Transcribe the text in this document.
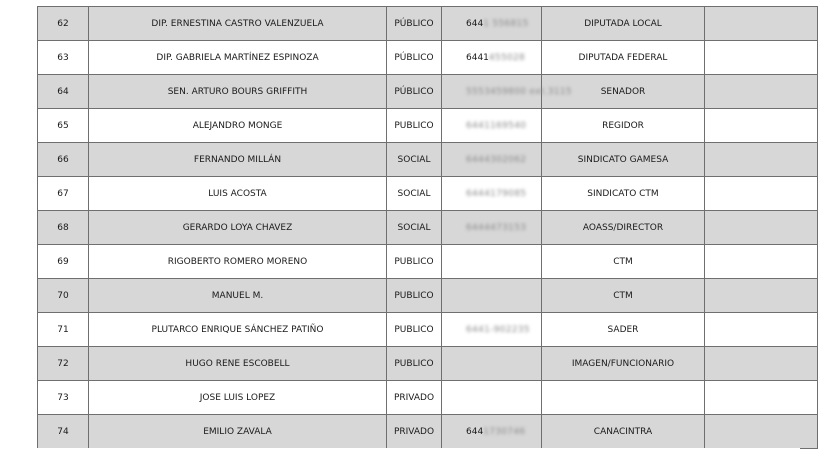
62	DIP. ERNESTINA CASTRO VALENZUELA	PÚBLICO	6441 556815	DIPUTADA LOCAL	
63	DIP. GABRIELA MARTÍNEZ ESPINOZA	PÚBLICO	6441455028	DIPUTADA FEDERAL	
64	SEN. ARTURO BOURS GRIFFITH	PÚBLICO	5553459800 ext.3115	SENADOR	
65	ALEJANDRO MONGE	PUBLICO	6441169540	REGIDOR	
66	FERNANDO MILLÁN	SOCIAL	6444302062	SINDICATO GAMESA	
67	LUIS ACOSTA	SOCIAL	6444179085	SINDICATO CTM	
68	GERARDO LOYA CHAVEZ	SOCIAL	6444473153	AOASS/DIRECTOR	
69	RIGOBERTO ROMERO MORENO	PUBLICO		CTM	
70	MANUEL M.	PUBLICO		CTM	
71	PLUTARCO ENRIQUE SÁNCHEZ PATIÑO	PUBLICO	6441-902235	SADER	
72	HUGO RENE ESCOBELL	PUBLICO		IMAGEN/FUNCIONARIO	
73	JOSE LUIS LOPEZ	PRIVADO			
74	EMILIO ZAVALA	PRIVADO	6441730746	CANACINTRA	
